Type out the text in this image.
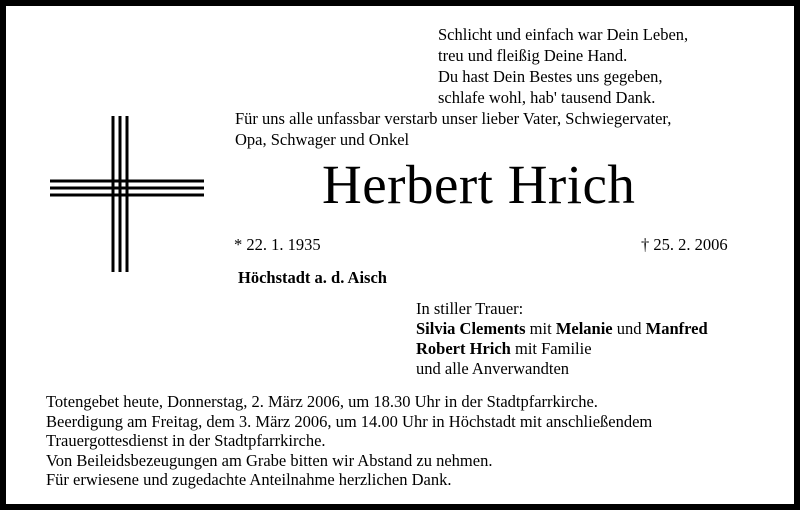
Schlicht und einfach war Dein Leben,
treu und fleißig Deine Hand.
Du hast Dein Bestes uns gegeben,
schlafe wohl, hab' tausend Dank.
Für uns alle unfassbar verstarb unser lieber Vater, Schwiegervater,
Opa, Schwager und Onkel
Herbert Hrich
* 22. 1. 1935	† 25. 2. 2006
Höchstadt a. d. Aisch
In stiller Trauer:
Silvia Clements mit Melanie und Manfred
Robert Hrich mit Familie
und alle Anverwandten
Totengebet heute, Donnerstag, 2. März 2006, um 18.30 Uhr in der Stadtpfarrkirche.
Beerdigung am Freitag, dem 3. März 2006, um 14.00 Uhr in Höchstadt mit anschließendem
Trauergottesdienst in der Stadtpfarrkirche.
Von Beileidsbezeugungen am Grabe bitten wir Abstand zu nehmen.
Für erwiesene und zugedachte Anteilnahme herzlichen Dank.
